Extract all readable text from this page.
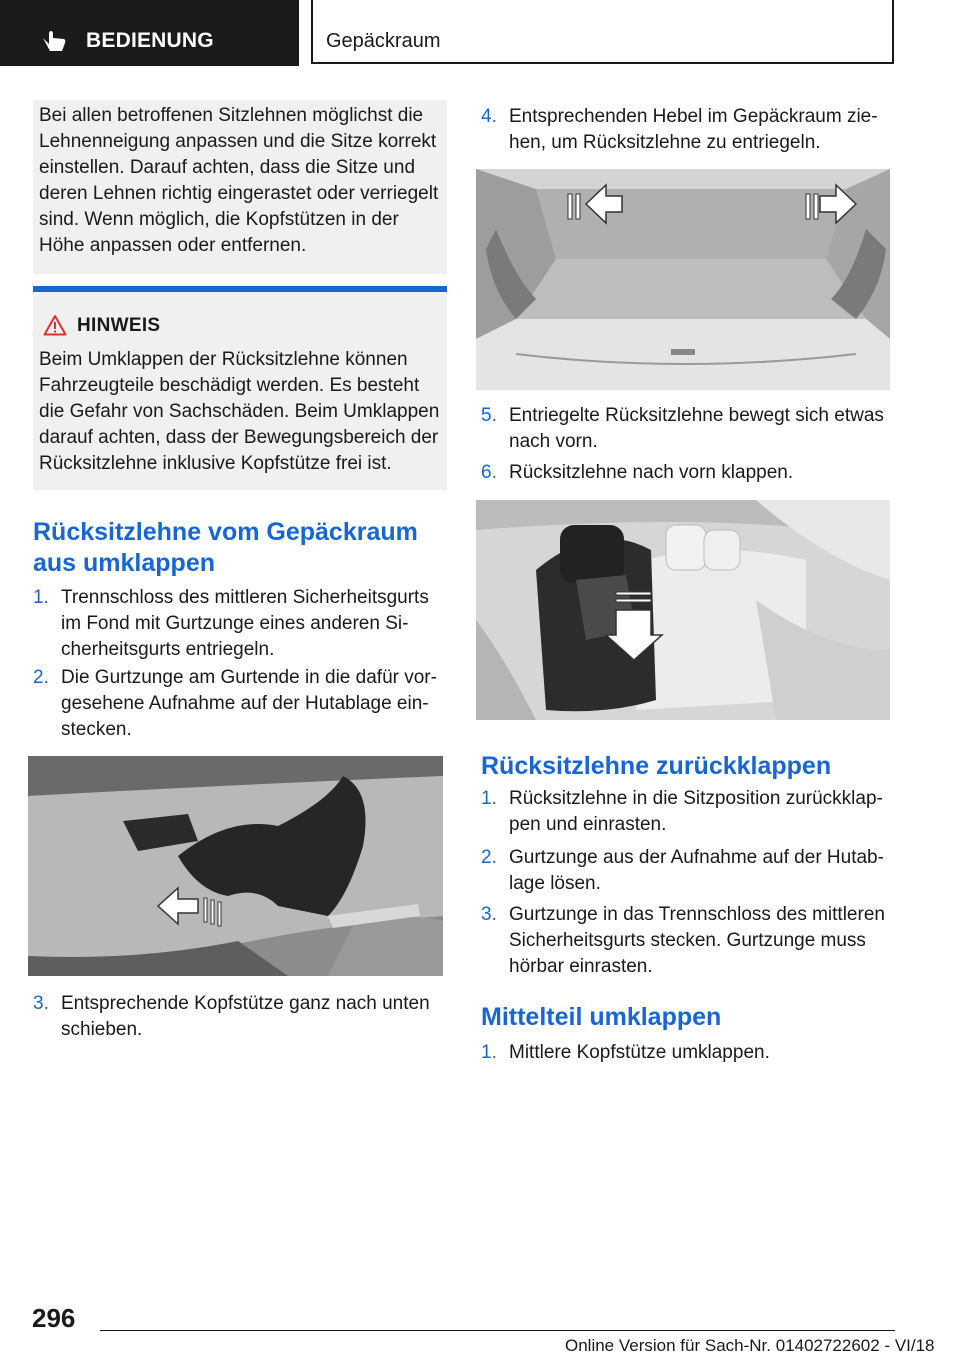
BEDIENUNG	Gepäckraum
Bei allen betroffenen Sitzlehnen möglichst die
Lehnenneigung anpassen und die Sitze korrekt
einstellen. Darauf achten, dass die Sitze und
deren Lehnen richtig eingerastet oder verriegelt
sind. Wenn möglich, die Kopfstützen in der
Höhe anpassen oder entfernen.
HINWEIS
Beim Umklappen der Rücksitzlehne können
Fahrzeugteile beschädigt werden. Es besteht
die Gefahr von Sachschäden. Beim Umklappen
darauf achten, dass der Bewegungsbereich der
Rücksitzlehne inklusive Kopfstütze frei ist.
Rücksitzlehne vom Gepäckraum
aus umklappen
1. Trennschloss des mittleren Sicherheitsgurts
im Fond mit Gurtzunge eines anderen Si-
cherheitsgurts entriegeln.
2. Die Gurtzunge am Gurtende in die dafür vor-
gesehene Aufnahme auf der Hutablage ein-
stecken.
3. Entsprechende Kopfstütze ganz nach unten
schieben.
4. Entsprechenden Hebel im Gepäckraum zie-
hen, um Rücksitzlehne zu entriegeln.
5. Entriegelte Rücksitzlehne bewegt sich etwas
nach vorn.
6. Rücksitzlehne nach vorn klappen.
Rücksitzlehne zurückklappen
1. Rücksitzlehne in die Sitzposition zurückklap-
pen und einrasten.
2. Gurtzunge aus der Aufnahme auf der Hutab-
lage lösen.
3. Gurtzunge in das Trennschloss des mittleren
Sicherheitsgurts stecken. Gurtzunge muss
hörbar einrasten.
Mittelteil umklappen
1. Mittlere Kopfstütze umklappen.
296
Online Version für Sach-Nr. 01402722602 - VI/18
